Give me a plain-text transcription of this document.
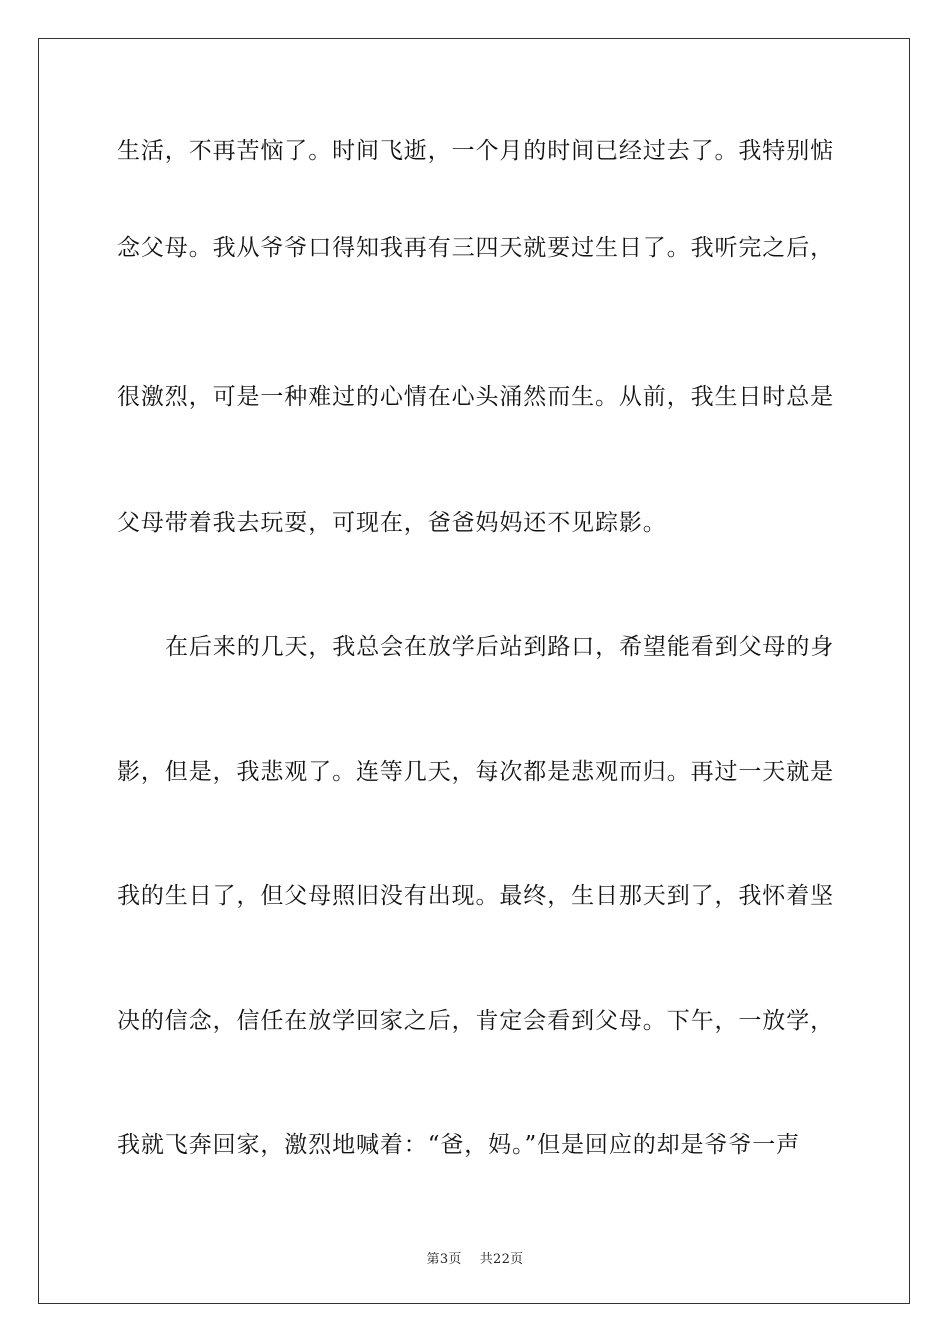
生活，不再苦恼了。时间飞逝，一个月的时间已经过去了。我特别惦
念父母。我从爷爷口得知我再有三四天就要过生日了。我听完之后，
很激烈，可是一种难过的心情在心头涌然而生。从前，我生日时总是
父母带着我去玩耍，可现在，爸爸妈妈还不见踪影。
在后来的几天，我总会在放学后站到路口，希望能看到父母的身
影，但是，我悲观了。连等几天，每次都是悲观而归。再过一天就是
我的生日了，但父母照旧没有出现。最终，生日那天到了，我怀着坚
决的信念，信任在放学回家之后，肯定会看到父母。下午，一放学，
我就飞奔回家，激烈地喊着：“爸，妈。”但是回应的却是爷爷一声
第3页 共22页
